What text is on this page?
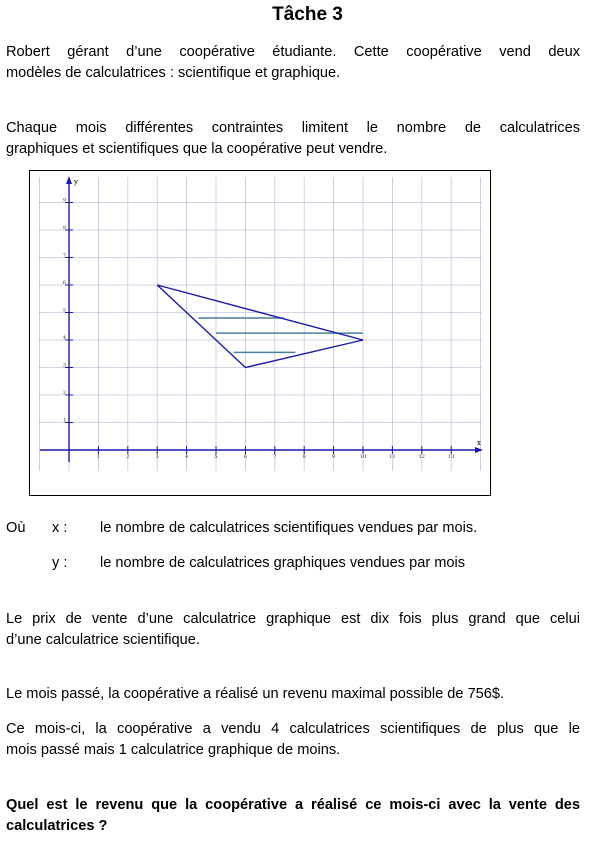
Tâche 3
Robert gérant d’une coopérative étudiante. Cette coopérative vend deux
modèles de calculatrices : scientifique et graphique.
Chaque mois différentes contraintes limitent le nombre de calculatrices
graphiques et scientifiques que la coopérative peut vendre.
x
y
1	2	3	4	5	6	7	8	9	10	11	12	13
1
2
3
4
5
6
7
8
9
Où x : le nombre de calculatrices scientifiques vendues par mois.
y : le nombre de calculatrices graphiques vendues par mois
Le prix de vente d’une calculatrice graphique est dix fois plus grand que celui
d’une calculatrice scientifique.
Le mois passé, la coopérative a réalisé un revenu maximal possible de 756$.
Ce mois-ci, la coopérative a vendu 4 calculatrices scientifiques de plus que le
mois passé mais 1 calculatrice graphique de moins.
Quel est le revenu que la coopérative a réalisé ce mois-ci avec la vente des
calculatrices ?
